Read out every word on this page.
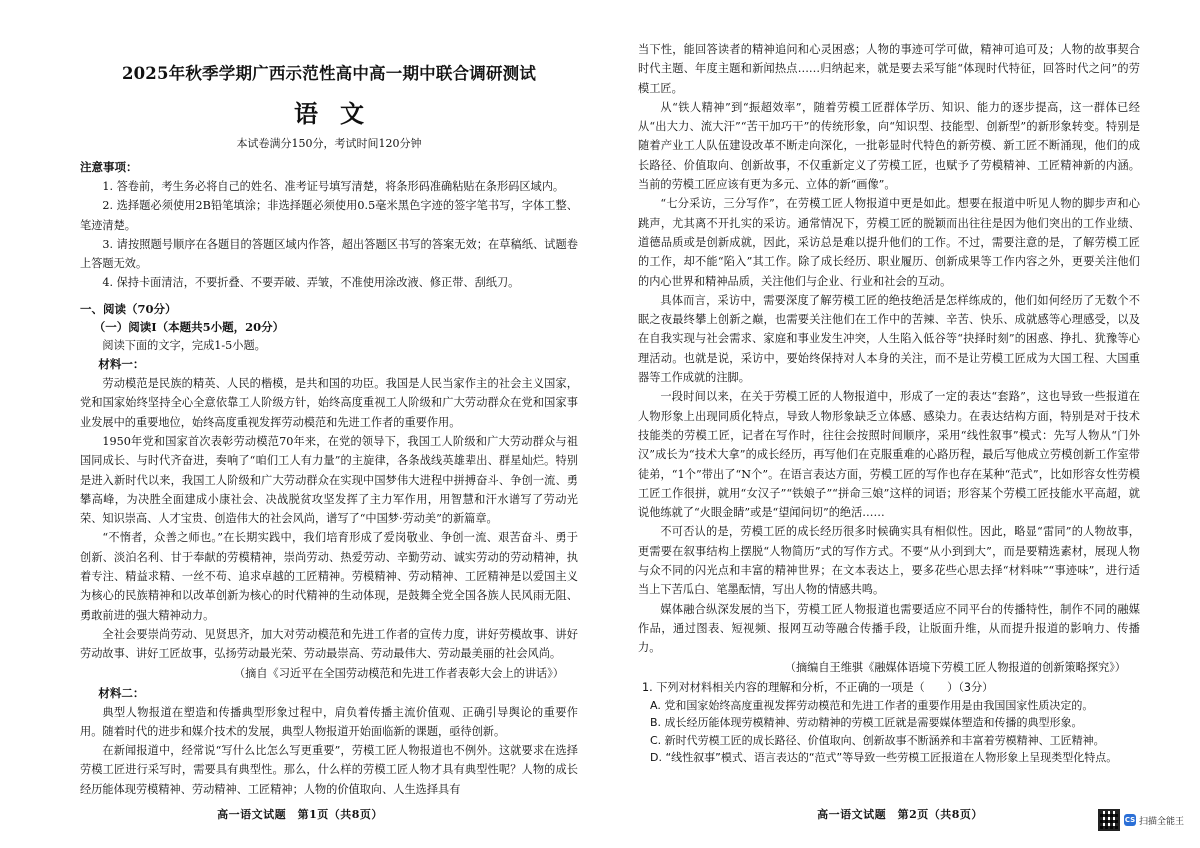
2025年秋季学期广西示范性高中高一期中联合调研测试
语文
本试卷满分150分，考试时间120分钟
注意事项：

1. 答卷前，考生务必将自己的姓名、准考证号填写清楚，将条形码准确粘贴在条形码区域内。

2. 选择题必须使用2B铅笔填涂；非选择题必须使用0.5毫米黑色字迹的签字笔书写，字体工整、笔迹清楚。

3. 请按照题号顺序在各题目的答题区域内作答，超出答题区书写的答案无效；在草稿纸、试题卷上答题无效。

4. 保持卡面清洁，不要折叠、不要弄破、弄皱，不准使用涂改液、修正带、刮纸刀。

一、阅读（70分）
（一）阅读Ⅰ（本题共5小题，20分）

阅读下面的文字，完成1-5小题。

材料一：

劳动模范是民族的精英、人民的楷模，是共和国的功臣。我国是人民当家作主的社会主义国家，党和国家始终坚持全心全意依靠工人阶级方针，始终高度重视工人阶级和广大劳动群众在党和国家事业发展中的重要地位，始终高度重视发挥劳动模范和先进工作者的重要作用。

1950年党和国家首次表彰劳动模范70年来，在党的领导下，我国工人阶级和广大劳动群众与祖国同成长、与时代齐奋进，奏响了“咱们工人有力量”的主旋律，各条战线英雄辈出、群星灿烂。特别是进入新时代以来，我国工人阶级和广大劳动群众在实现中国梦伟大进程中拼搏奋斗、争创一流、勇攀高峰，为决胜全面建成小康社会、决战脱贫攻坚发挥了主力军作用，用智慧和汗水谱写了劳动光荣、知识崇高、人才宝贵、创造伟大的社会风尚，谱写了“中国梦·劳动美”的新篇章。

“不惰者，众善之师也。”在长期实践中，我们培育形成了爱岗敬业、争创一流、艰苦奋斗、勇于创新、淡泊名利、甘于奉献的劳模精神，崇尚劳动、热爱劳动、辛勤劳动、诚实劳动的劳动精神，执着专注、精益求精、一丝不苟、追求卓越的工匠精神。劳模精神、劳动精神、工匠精神是以爱国主义为核心的民族精神和以改革创新为核心的时代精神的生动体现，是鼓舞全党全国各族人民风雨无阻、勇敢前进的强大精神动力。

全社会要崇尚劳动、见贤思齐，加大对劳动模范和先进工作者的宣传力度，讲好劳模故事、讲好劳动故事、讲好工匠故事，弘扬劳动最光荣、劳动最崇高、劳动最伟大、劳动最美丽的社会风尚。

（摘自《习近平在全国劳动模范和先进工作者表彰大会上的讲话》）
材料二：

典型人物报道在塑造和传播典型形象过程中，肩负着传播主流价值观、正确引导舆论的重要作用。随着时代的进步和媒介技术的发展，典型人物报道开始面临新的课题，亟待创新。

在新闻报道中，经常说“写什么比怎么写更重要”，劳模工匠人物报道也不例外。这就要求在选择劳模工匠进行采写时，需要具有典型性。那么，什么样的劳模工匠人物才具有典型性呢？人物的成长经历能体现劳模精神、劳动精神、工匠精神；人物的价值取向、人生选择具有

高一语文试题　第1页（共8页）

当下性，能回答读者的精神追问和心灵困惑；人物的事迹可学可做，精神可追可及；人物的故事契合时代主题、年度主题和新闻热点……归纳起来，就是要去采写能“体现时代特征，回答时代之问”的劳模工匠。

从“铁人精神”到“振超效率”，随着劳模工匠群体学历、知识、能力的逐步提高，这一群体已经从“出大力、流大汗”“苦干加巧干”的传统形象，向“知识型、技能型、创新型”的新形象转变。特别是随着产业工人队伍建设改革不断走向深化，一批彰显时代特色的新劳模、新工匠不断涌现，他们的成长路径、价值取向、创新故事，不仅重新定义了劳模工匠，也赋予了劳模精神、工匠精神新的内涵。当前的劳模工匠应该有更为多元、立体的新“画像”。

“七分采访，三分写作”，在劳模工匠人物报道中更是如此。想要在报道中听见人物的脚步声和心跳声，尤其离不开扎实的采访。通常情况下，劳模工匠的脱颖而出往往是因为他们突出的工作业绩、道德品质或是创新成就，因此，采访总是难以提升他们的工作。不过，需要注意的是，了解劳模工匠的工作，却不能“陷入”其工作。除了成长经历、职业履历、创新成果等工作内容之外，更要关注他们的内心世界和精神品质，关注他们与企业、行业和社会的互动。

具体而言，采访中，需要深度了解劳模工匠的绝技绝活是怎样练成的，他们如何经历了无数个不眠之夜最终攀上创新之巅，也需要关注他们在工作中的苦辣、辛苦、快乐、成就感等心理感受，以及在自我实现与社会需求、家庭和事业发生冲突，人生陷入低谷等“抉择时刻”的困惑、挣扎、犹豫等心理活动。也就是说，采访中，要始终保持对人本身的关注，而不是让劳模工匠成为大国工程、大国重器等工作成就的注脚。

一段时间以来，在关于劳模工匠的人物报道中，形成了一定的表达“套路”，这也导致一些报道在人物形象上出现同质化特点，导致人物形象缺乏立体感、感染力。在表达结构方面，特别是对于技术技能类的劳模工匠，记者在写作时，往往会按照时间顺序，采用“线性叙事”模式：先写人物从“门外汉”成长为“技术大拿”的成长经历，再写他们在克服重难的心路历程，最后写他成立劳模创新工作室带徒弟，“1个”带出了“N个”。在语言表达方面，劳模工匠的写作也存在某种“范式”，比如形容女性劳模工匠工作很拼，就用“女汉子”“铁娘子”“拼命三娘”这样的词语；形容某个劳模工匠技能水平高超，就说他练就了“火眼金睛”或是“望闻问切”的绝活……

不可否认的是，劳模工匠的成长经历很多时候确实具有相似性。因此，略显“雷同”的人物故事，更需要在叙事结构上摆脱“人物简历”式的写作方式。不要“从小到到大”，而是要精选素材，展现人物与众不同的闪光点和丰富的精神世界；在文本表达上，要多花些心思去择“材料味”“事迹味”，进行适当上下苦瓜白、笔墨酝情，写出人物的情感共鸣。

媒体融合纵深发展的当下，劳模工匠人物报道也需要适应不同平台的传播特性，制作不同的融媒作品，通过图表、短视频、报网互动等融合传播手段，让版面升维，从而提升报道的影响力、传播力。

（摘编自王维骐《融媒体语境下劳模工匠人物报道的创新策略探究》）
1. 下列对材料相关内容的理解和分析，不正确的一项是（　　）（3分）
A. 党和国家始终高度重视发挥劳动模范和先进工作者的重要作用是由我国国家性质决定的。
B. 成长经历能体现劳模精神、劳动精神的劳模工匠就是需要媒体塑造和传播的典型形象。
C. 新时代劳模工匠的成长路径、价值取向、创新故事不断涵养和丰富着劳模精神、工匠精神。
D. “线性叙事”模式、语言表达的“范式”等导致一些劳模工匠报道在人物形象上呈现类型化特点。
高一语文试题　第2页（共8页）	CS 扫描全能王
